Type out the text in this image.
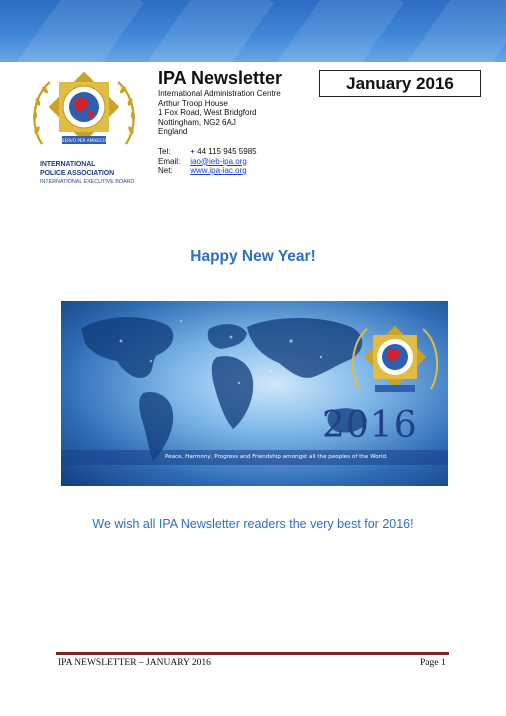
SERVO PER AMIKECO
INTERNATIONAL
POLICE ASSOCIATION
INTERNATIONAL EXECUTIVE BOARD
IPA Newsletter
International Administration Centre
Arthur Troop House
1 Fox Road, West Bridgford
Nottingham, NG2 6AJ
England
Tel: + 44 115 945 5985
Email: iao@ieb-ipa.org
Net: www.ipa-iac.org
January 2016
Happy New Year!
2016
Peace, Harmony, Progress and Friendship amongst all the peoples of the World.
We wish all IPA Newsletter readers the very best for 2016!
IPA NEWSLETTER – JANUARY 2016	Page 1
